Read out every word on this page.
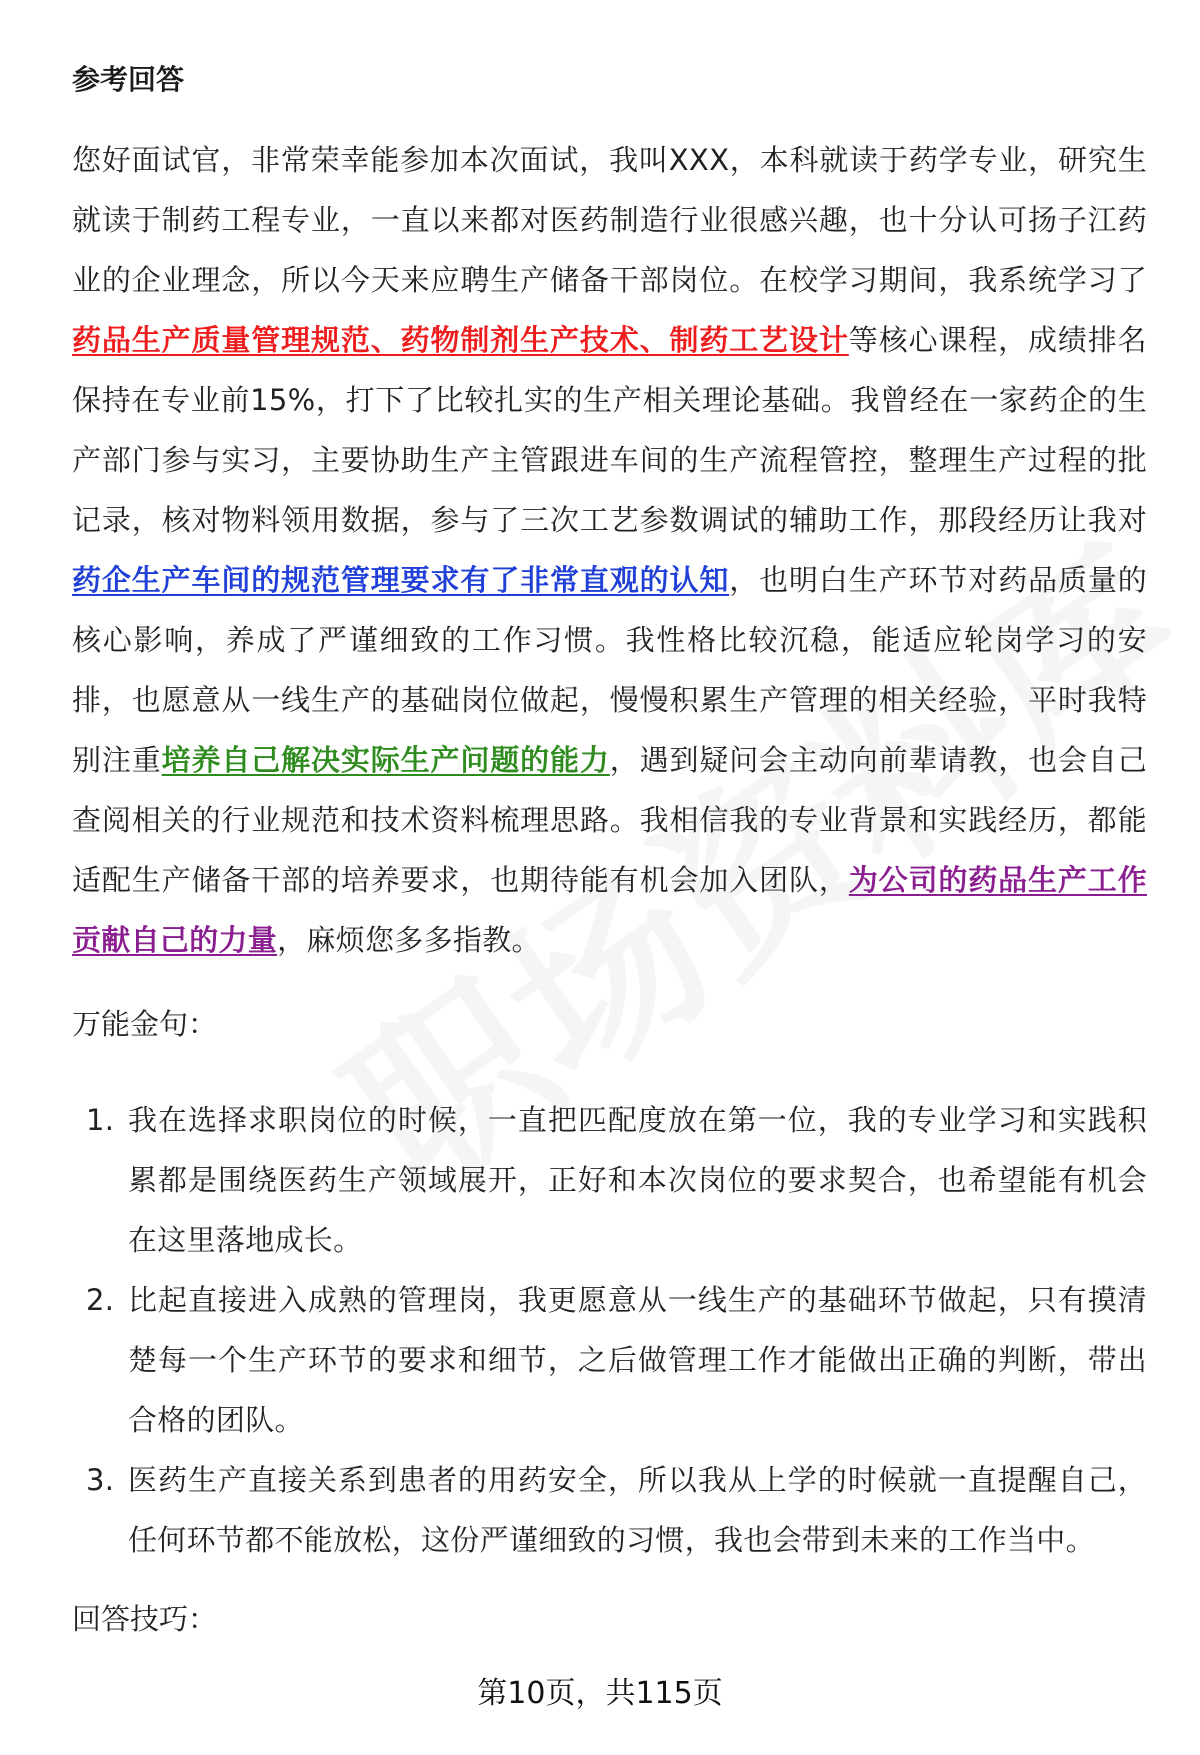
参考回答

您好面试官，非常荣幸能参加本次面试，我叫XXX，本科就读于药学专业，研究生就读于制药工程专业，一直以来都对医药制造行业很感兴趣，也十分认可扬子江药业的企业理念，所以今天来应聘生产储备干部岗位。在校学习期间，我系统学习了药品生产质量管理规范、药物制剂生产技术、制药工艺设计等核心课程，成绩排名保持在专业前15%，打下了比较扎实的生产相关理论基础。我曾经在一家药企的生产部门参与实习，主要协助生产主管跟进车间的生产流程管控，整理生产过程的批记录，核对物料领用数据，参与了三次工艺参数调试的辅助工作，那段经历让我对药企生产车间的规范管理要求有了非常直观的认知，也明白生产环节对药品质量的核心影响，养成了严谨细致的工作习惯。我性格比较沉稳，能适应轮岗学习的安排，也愿意从一线生产的基础岗位做起，慢慢积累生产管理的相关经验，平时我特别注重培养自己解决实际生产问题的能力，遇到疑问会主动向前辈请教，也会自己查阅相关的行业规范和技术资料梳理思路。我相信我的专业背景和实践经历，都能适配生产储备干部的培养要求，也期待能有机会加入团队，为公司的药品生产工作贡献自己的力量，麻烦您多多指教。

万能金句：

1. 我在选择求职岗位的时候，一直把匹配度放在第一位，我的专业学习和实践积累都是围绕医药生产领域展开，正好和本次岗位的要求契合，也希望能有机会在这里落地成长。
2. 比起直接进入成熟的管理岗，我更愿意从一线生产的基础环节做起，只有摸清楚每一个生产环节的要求和细节，之后做管理工作才能做出正确的判断，带出合格的团队。
3. 医药生产直接关系到患者的用药安全，所以我从上学的时候就一直提醒自己，任何环节都不能放松，这份严谨细致的习惯，我也会带到未来的工作当中。

回答技巧：

第10页，共115页
